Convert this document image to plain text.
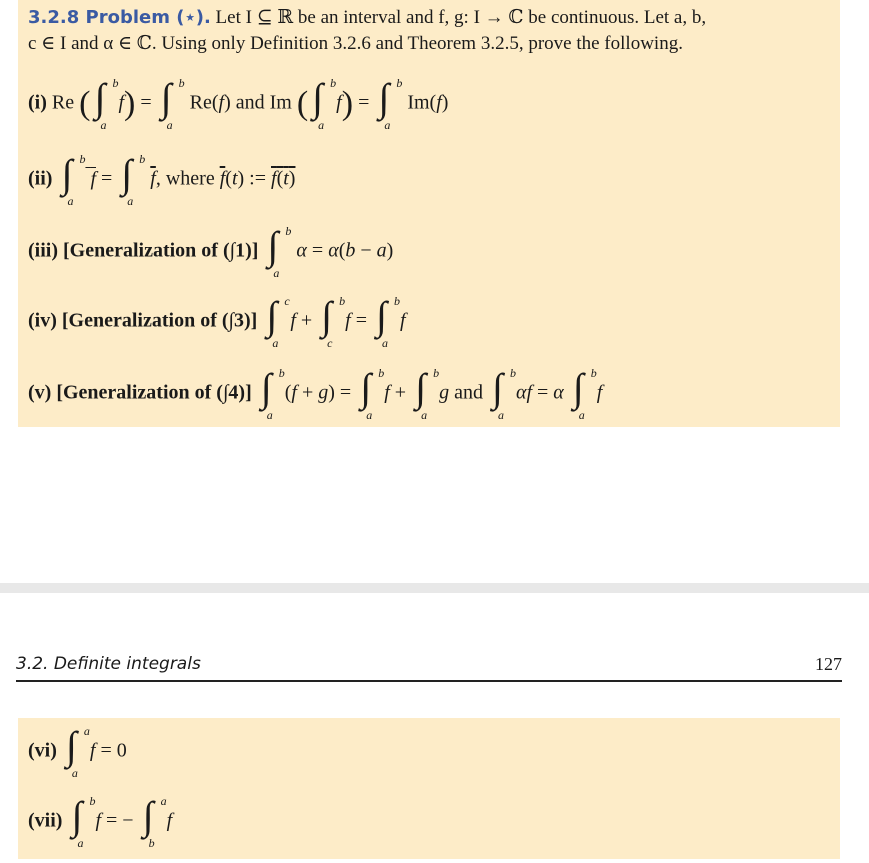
3.2.8 Problem (⋆). Let I ⊆ ℝ be an interval and f, g: I → ℂ be continuous. Let a, b,
c ∈ I and α ∈ ℂ. Using only Definition 3.2.6 and Theorem 3.2.5, prove the following.
(i) Re ( ∫ b
a
f) = ∫ b
a
Re(f) and Im ( ∫ b
a
f) = ∫ b
a
Im(f)
(ii) ∫ b
a
f = ∫ b
a
$\overline{f}$, where $\overline{f}(t)$ := f(t)
(iii) [Generalization of (∫1)] ∫ b
a
α = α(b − a)
(iv) [Generalization of (∫3)] ∫ c
a
f + ∫ b
c
f = ∫ b
a
f
(v) [Generalization of (∫4)] ∫ b
a
(f + g) = ∫ b
a
f + ∫ b
a
g and ∫ b
a
αf = α ∫ b
a
f
3.2. Definite integrals	127
(vi) ∫ a
a
f = 0
(vii) ∫ b
a
f = − ∫ a
b
f
